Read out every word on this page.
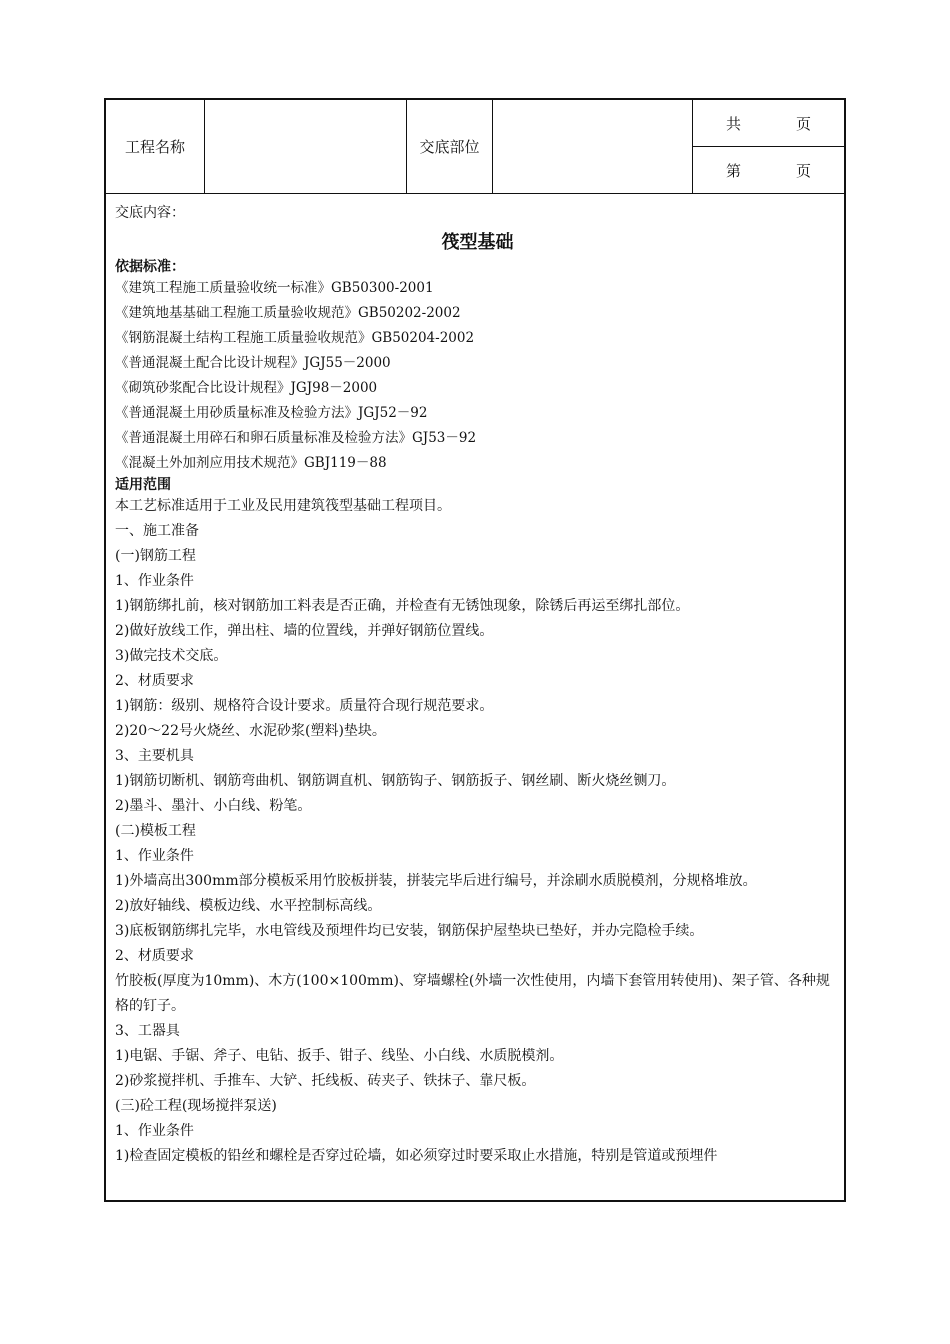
工程名称	交底部位
共	页
第	页
交底内容：
筏型基础
依据标准：
《建筑工程施工质量验收统一标准》GB50300-2001
《建筑地基基础工程施工质量验收规范》GB50202-2002
《钢筋混凝土结构工程施工质量验收规范》GB50204-2002
《普通混凝土配合比设计规程》JGJ55－2000
《砌筑砂浆配合比设计规程》JGJ98－2000
《普通混凝土用砂质量标准及检验方法》JGJ52－92
《普通混凝土用碎石和卵石质量标准及检验方法》GJ53－92
《混凝土外加剂应用技术规范》GBJ119－88
适用范围
本工艺标准适用于工业及民用建筑筏型基础工程项目。
一、施工准备
(一)钢筋工程
1、作业条件
1)钢筋绑扎前，核对钢筋加工料表是否正确，并检查有无锈蚀现象，除锈后再运至绑扎部位。
2)做好放线工作，弹出柱、墙的位置线，并弹好钢筋位置线。
3)做完技术交底。
2、材质要求
1)钢筋：级别、规格符合设计要求。质量符合现行规范要求。
2)20～22号火烧丝、水泥砂浆(塑料)垫块。
3、主要机具
1)钢筋切断机、钢筋弯曲机、钢筋调直机、钢筋钩子、钢筋扳子、钢丝刷、断火烧丝铡刀。
2)墨斗、墨汁、小白线、粉笔。
(二)模板工程
1、作业条件
1)外墙高出300mm部分模板采用竹胶板拼装，拼装完毕后进行编号，并涂刷水质脱模剂，分规格堆放。
2)放好轴线、模板边线、水平控制标高线。
3)底板钢筋绑扎完毕，水电管线及预埋件均已安装，钢筋保护屋垫块已垫好，并办完隐检手续。
2、材质要求
竹胶板(厚度为10mm)、木方(100×100mm)、穿墙螺栓(外墙一次性使用，内墙下套管用转使用)、架子管、各种规格的钉子。
3、工器具
1)电锯、手锯、斧子、电钻、扳手、钳子、线坠、小白线、水质脱模剂。
2)砂浆搅拌机、手推车、大铲、托线板、砖夹子、铁抹子、靠尺板。
(三)砼工程(现场搅拌泵送)
1、作业条件
1)检查固定模板的铅丝和螺栓是否穿过砼墙，如必须穿过时要采取止水措施，特别是管道或预埋件
